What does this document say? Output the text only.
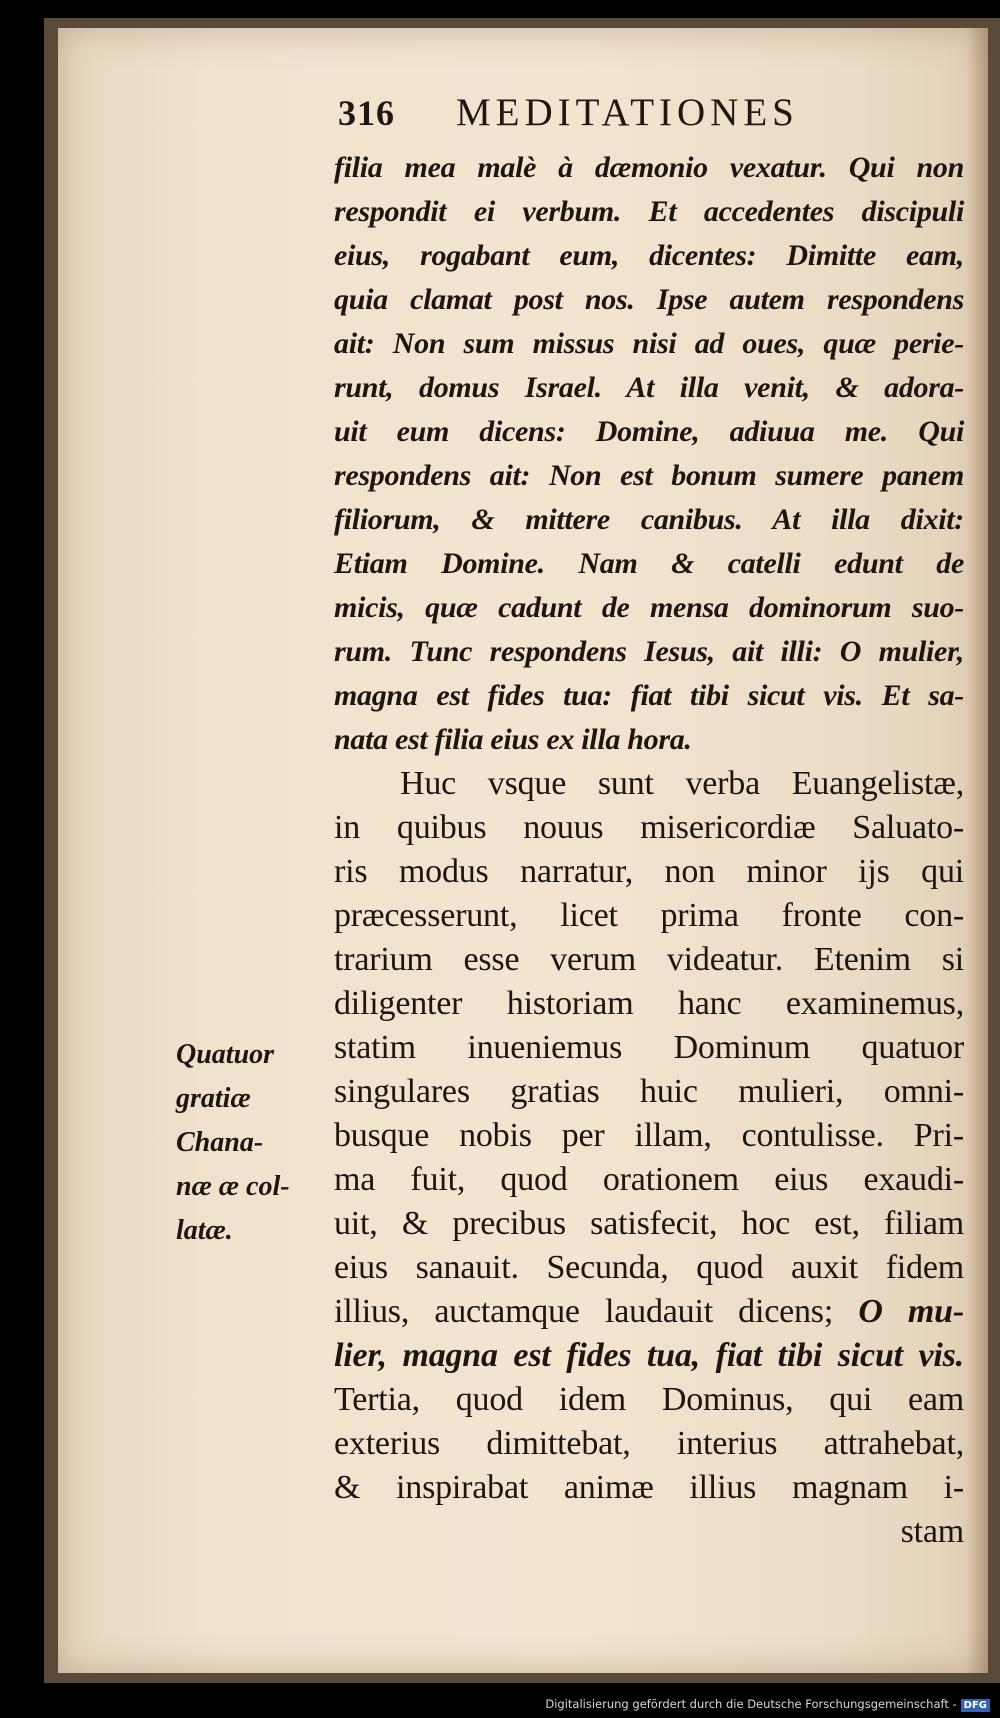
316 MEDITATIONES
filia mea malè à dæmonio vexatur. Qui non
respondit ei verbum. Et accedentes discipuli
eius, rogabant eum, dicentes: Dimitte eam,
quia clamat post nos. Ipse autem respondens
ait: Non sum missus nisi ad oues, quæ perie-
runt, domus Israel. At illa venit, & adora-
uit eum dicens: Domine, adiuua me. Qui
respondens ait: Non est bonum sumere panem
filiorum, & mittere canibus. At illa dixit:
Etiam Domine. Nam & catelli edunt de
micis, quæ cadunt de mensa dominorum suo-
rum. Tunc respondens Iesus, ait illi: O mulier,
magna est fides tua: fiat tibi sicut vis. Et sa-
nata est filia eius ex illa hora.
Huc vsque sunt verba Euangelistæ,
in quibus nouus misericordiæ Saluato-
ris modus narratur, non minor ijs qui
præcesserunt, licet prima fronte con-
trarium esse verum videatur. Etenim si
diligenter historiam hanc examinemus,
statim inueniemus Dominum quatuor
singulares gratias huic mulieri, omni-
busque nobis per illam, contulisse. Pri-
ma fuit, quod orationem eius exaudi-
uit, & precibus satisfecit, hoc est, filiam
eius sanauit. Secunda, quod auxit fidem
illius, auctamque laudauit dicens; O mu-
lier, magna est fides tua, fiat tibi sicut vis.
Tertia, quod idem Dominus, qui eam
exterius dimittebat, interius attrahebat,
& inspirabat animæ illius magnam i-
stam
Quatuor
gratiæ
Chana-
næ æ col-
latæ.
Digitalisierung gefördert durch die Deutsche Forschungsgemeinschaft - DFG
